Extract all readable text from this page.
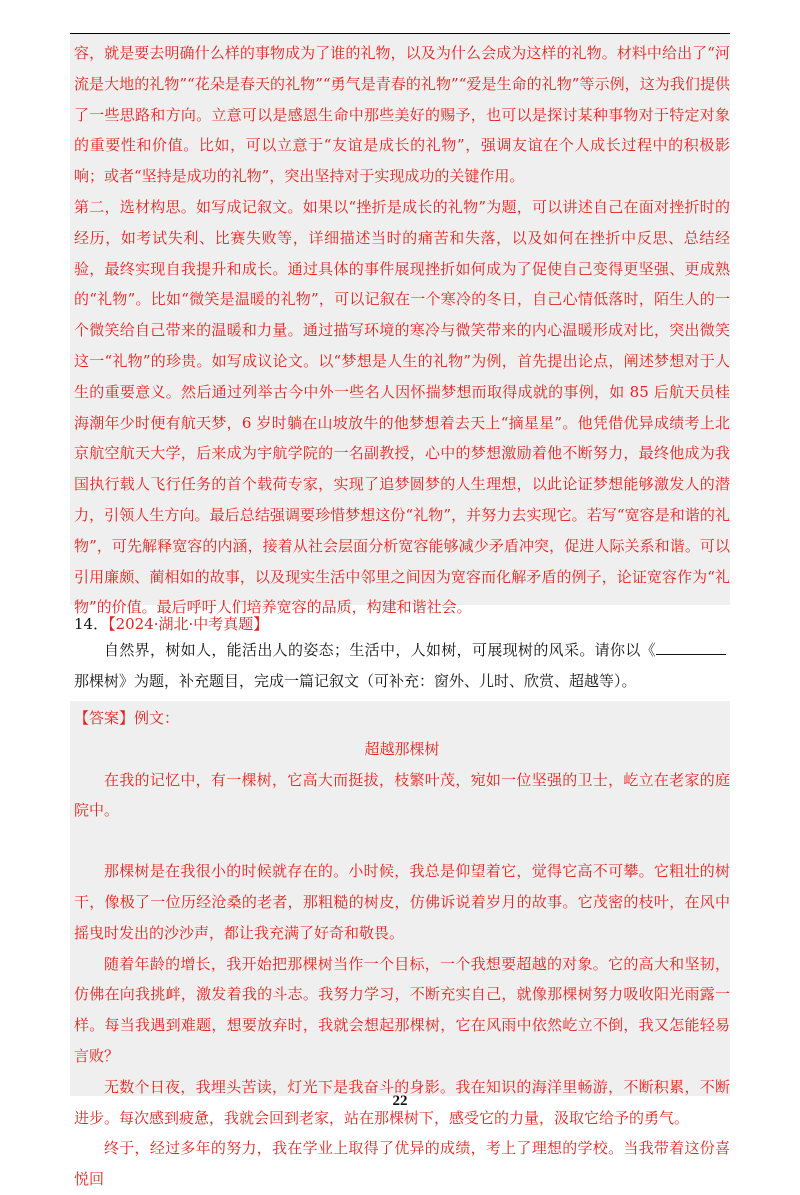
容，就是要去明确什么样的事物成为了谁的礼物，以及为什么会成为这样的礼物。材料中给出了“河流是大地的礼物”“花朵是春天的礼物”“勇气是青春的礼物”“爱是生命的礼物”等示例，这为我们提供了一些思路和方向。立意可以是感恩生命中那些美好的赐予，也可以是探讨某种事物对于特定对象的重要性和价值。比如，可以立意于“友谊是成长的礼物”，强调友谊在个人成长过程中的积极影响；或者“坚持是成功的礼物”，突出坚持对于实现成功的关键作用。

第二，选材构思。如写成记叙文。如果以“挫折是成长的礼物”为题，可以讲述自己在面对挫折时的经历，如考试失利、比赛失败等，详细描述当时的痛苦和失落，以及如何在挫折中反思、总结经验，最终实现自我提升和成长。通过具体的事件展现挫折如何成为了促使自己变得更坚强、更成熟的“礼物”。比如“微笑是温暖的礼物”，可以记叙在一个寒冷的冬日，自己心情低落时，陌生人的一个微笑给自己带来的温暖和力量。通过描写环境的寒冷与微笑带来的内心温暖形成对比，突出微笑这一“礼物”的珍贵。如写成议论文。以“梦想是人生的礼物”为例，首先提出论点，阐述梦想对于人生的重要意义。然后通过列举古今中外一些名人因怀揣梦想而取得成就的事例，如 85 后航天员桂海潮年少时便有航天梦，6 岁时躺在山坡放牛的他梦想着去天上“摘星星”。他凭借优异成绩考上北京航空航天大学，后来成为宇航学院的一名副教授，心中的梦想激励着他不断努力，最终他成为我国执行载人飞行任务的首个载荷专家，实现了追梦圆梦的人生理想，以此论证梦想能够激发人的潜力，引领人生方向。最后总结强调要珍惜梦想这份“礼物”，并努力去实现它。若写“宽容是和谐的礼物”，可先解释宽容的内涵，接着从社会层面分析宽容能够减少矛盾冲突，促进人际关系和谐。可以引用廉颇、蔺相如的故事，以及现实生活中邻里之间因为宽容而化解矛盾的例子，论证宽容作为“礼物”的价值。最后呼吁人们培养宽容的品质，构建和谐社会。

14．【2024·湖北·中考真题】

自然界，树如人，能活出人的姿态；生活中，人如树，可展现树的风采。请你以《那棵树》为题，补充题目，完成一篇记叙文（可补充：窗外、儿时、欣赏、超越等）。

【答案】例文：

超越那棵树

在我的记忆中，有一棵树，它高大而挺拔，枝繁叶茂，宛如一位坚强的卫士，屹立在老家的庭院中。

那棵树是在我很小的时候就存在的。小时候，我总是仰望着它，觉得它高不可攀。它粗壮的树干，像极了一位历经沧桑的老者，那粗糙的树皮，仿佛诉说着岁月的故事。它茂密的枝叶，在风中摇曳时发出的沙沙声，都让我充满了好奇和敬畏。

随着年龄的增长，我开始把那棵树当作一个目标，一个我想要超越的对象。它的高大和坚韧，仿佛在向我挑衅，激发着我的斗志。我努力学习，不断充实自己，就像那棵树努力吸收阳光雨露一样。每当我遇到难题，想要放弃时，我就会想起那棵树，它在风雨中依然屹立不倒，我又怎能轻易言败？

无数个日夜，我埋头苦读，灯光下是我奋斗的身影。我在知识的海洋里畅游，不断积累，不断进步。每次感到疲惫，我就会回到老家，站在那棵树下，感受它的力量，汲取它给予的勇气。

终于，经过多年的努力，我在学业上取得了优异的成绩，考上了理想的学校。当我带着这份喜悦回

22
